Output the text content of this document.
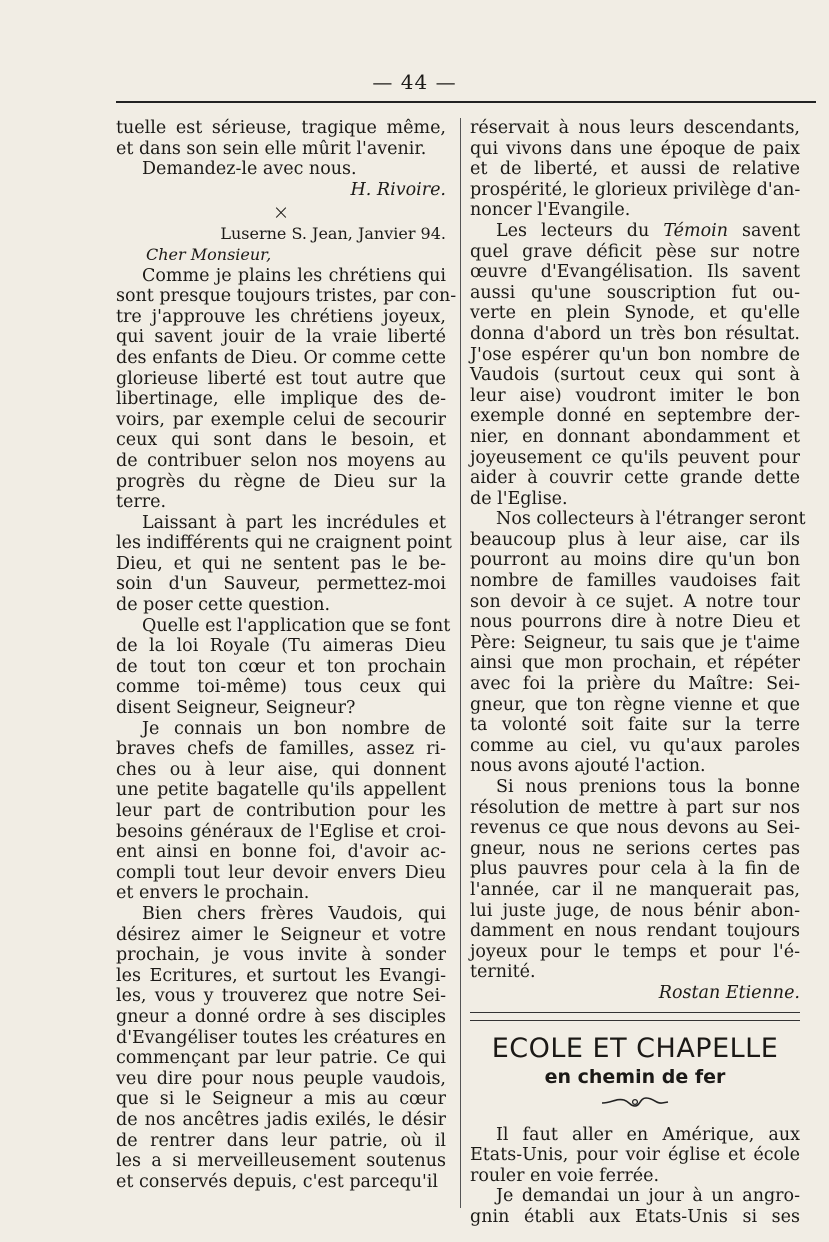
— 44 —

tuelle est sérieuse, tragique même,
et dans son sein elle mûrit l'avenir.

Demandez-le avec nous.

H. Rivoire.
×
Luserne S. Jean, Janvier 94.
Cher Monsieur,

Comme je plains les chrétiens qui
sont presque toujours tristes, par con-
tre j'approuve les chrétiens joyeux,
qui savent jouir de la vraie liberté
des enfants de Dieu. Or comme cette
glorieuse liberté est tout autre que
libertinage, elle implique des de-
voirs, par exemple celui de secourir
ceux qui sont dans le besoin, et
de contribuer selon nos moyens au
progrès du règne de Dieu sur la
terre.

Laissant à part les incrédules et
les indifférents qui ne craignent point
Dieu, et qui ne sentent pas le be-
soin d'un Sauveur, permettez-moi
de poser cette question.

Quelle est l'application que se font
de la loi Royale (Tu aimeras Dieu
de tout ton cœur et ton prochain
comme toi-même) tous ceux qui
disent Seigneur, Seigneur?

Je connais un bon nombre de
braves chefs de familles, assez ri-
ches ou à leur aise, qui donnent
une petite bagatelle qu'ils appellent
leur part de contribution pour les
besoins généraux de l'Eglise et croi-
ent ainsi en bonne foi, d'avoir ac-
compli tout leur devoir envers Dieu
et envers le prochain.

Bien chers frères Vaudois, qui
désirez aimer le Seigneur et votre
prochain, je vous invite à sonder
les Ecritures, et surtout les Evangi-
les, vous y trouverez que notre Sei-
gneur a donné ordre à ses disciples
d'Evangéliser toutes les créatures en
commençant par leur patrie. Ce qui
veu dire pour nous peuple vaudois,
que si le Seigneur a mis au cœur
de nos ancêtres jadis exilés, le désir
de rentrer dans leur patrie, où il
les a si merveilleusement soutenus
et conservés depuis, c'est parcequ'il

réservait à nous leurs descendants,
qui vivons dans une époque de paix
et de liberté, et aussi de relative
prospérité, le glorieux privilège d'an-
noncer l'Evangile.

Les lecteurs du Témoin savent
quel grave déficit pèse sur notre
œuvre d'Evangélisation. Ils savent
aussi qu'une souscription fut ou-
verte en plein Synode, et qu'elle
donna d'abord un très bon résultat.
J'ose espérer qu'un bon nombre de
Vaudois (surtout ceux qui sont à
leur aise) voudront imiter le bon
exemple donné en septembre der-
nier, en donnant abondamment et
joyeusement ce qu'ils peuvent pour
aider à couvrir cette grande dette
de l'Eglise.

Nos collecteurs à l'étranger seront
beaucoup plus à leur aise, car ils
pourront au moins dire qu'un bon
nombre de familles vaudoises fait
son devoir à ce sujet. A notre tour
nous pourrons dire à notre Dieu et
Père: Seigneur, tu sais que je t'aime
ainsi que mon prochain, et répéter
avec foi la prière du Maître: Sei-
gneur, que ton règne vienne et que
ta volonté soit faite sur la terre
comme au ciel, vu qu'aux paroles
nous avons ajouté l'action.

Si nous prenions tous la bonne
résolution de mettre à part sur nos
revenus ce que nous devons au Sei-
gneur, nous ne serions certes pas
plus pauvres pour cela à la fin de
l'année, car il ne manquerait pas,
lui juste juge, de nous bénir abon-
damment en nous rendant toujours
joyeux pour le temps et pour l'é-
ternité.

Rostan Etienne.
ECOLE ET CHAPELLE
en chemin de fer

Il faut aller en Amérique, aux
Etats-Unis, pour voir église et école
rouler en voie ferrée.

Je demandai un jour à un angro-
gnin établi aux Etats-Unis si ses
